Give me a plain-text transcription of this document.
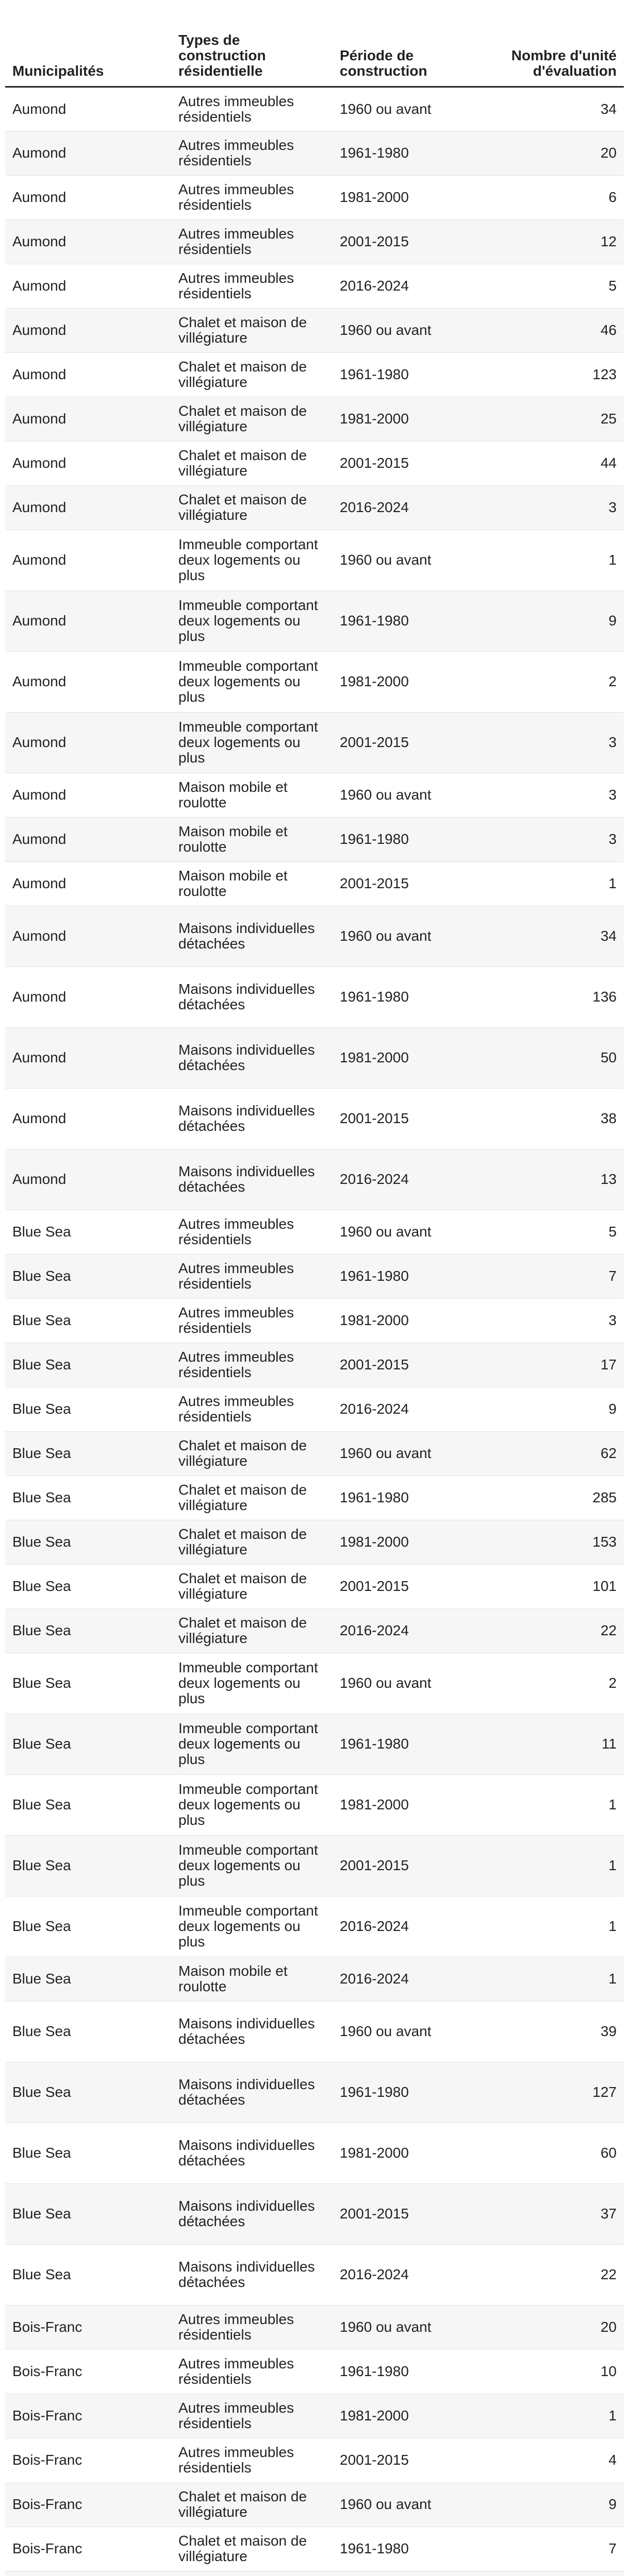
Municipalités	Types de construction résidentielle	Période de construction	Nombre d'unité d'évaluation
Aumond	Autres immeubles résidentiels	1960 ou avant	34
Aumond	Autres immeubles résidentiels	1961-1980	20
Aumond	Autres immeubles résidentiels	1981-2000	6
Aumond	Autres immeubles résidentiels	2001-2015	12
Aumond	Autres immeubles résidentiels	2016-2024	5
Aumond	Chalet et maison de villégiature	1960 ou avant	46
Aumond	Chalet et maison de villégiature	1961-1980	123
Aumond	Chalet et maison de villégiature	1981-2000	25
Aumond	Chalet et maison de villégiature	2001-2015	44
Aumond	Chalet et maison de villégiature	2016-2024	3
Aumond	Immeuble comportant deux logements ou plus	1960 ou avant	1
Aumond	Immeuble comportant deux logements ou plus	1961-1980	9
Aumond	Immeuble comportant deux logements ou plus	1981-2000	2
Aumond	Immeuble comportant deux logements ou plus	2001-2015	3
Aumond	Maison mobile et roulotte	1960 ou avant	3
Aumond	Maison mobile et roulotte	1961-1980	3
Aumond	Maison mobile et roulotte	2001-2015	1
Aumond	Maisons individuelles détachées	1960 ou avant	34
Aumond	Maisons individuelles détachées	1961-1980	136
Aumond	Maisons individuelles détachées	1981-2000	50
Aumond	Maisons individuelles détachées	2001-2015	38
Aumond	Maisons individuelles détachées	2016-2024	13
Blue Sea	Autres immeubles résidentiels	1960 ou avant	5
Blue Sea	Autres immeubles résidentiels	1961-1980	7
Blue Sea	Autres immeubles résidentiels	1981-2000	3
Blue Sea	Autres immeubles résidentiels	2001-2015	17
Blue Sea	Autres immeubles résidentiels	2016-2024	9
Blue Sea	Chalet et maison de villégiature	1960 ou avant	62
Blue Sea	Chalet et maison de villégiature	1961-1980	285
Blue Sea	Chalet et maison de villégiature	1981-2000	153
Blue Sea	Chalet et maison de villégiature	2001-2015	101
Blue Sea	Chalet et maison de villégiature	2016-2024	22
Blue Sea	Immeuble comportant deux logements ou plus	1960 ou avant	2
Blue Sea	Immeuble comportant deux logements ou plus	1961-1980	11
Blue Sea	Immeuble comportant deux logements ou plus	1981-2000	1
Blue Sea	Immeuble comportant deux logements ou plus	2001-2015	1
Blue Sea	Immeuble comportant deux logements ou plus	2016-2024	1
Blue Sea	Maison mobile et roulotte	2016-2024	1
Blue Sea	Maisons individuelles détachées	1960 ou avant	39
Blue Sea	Maisons individuelles détachées	1961-1980	127
Blue Sea	Maisons individuelles détachées	1981-2000	60
Blue Sea	Maisons individuelles détachées	2001-2015	37
Blue Sea	Maisons individuelles détachées	2016-2024	22
Bois-Franc	Autres immeubles résidentiels	1960 ou avant	20
Bois-Franc	Autres immeubles résidentiels	1961-1980	10
Bois-Franc	Autres immeubles résidentiels	1981-2000	1
Bois-Franc	Autres immeubles résidentiels	2001-2015	4
Bois-Franc	Chalet et maison de villégiature	1960 ou avant	9
Bois-Franc	Chalet et maison de villégiature	1961-1980	7
